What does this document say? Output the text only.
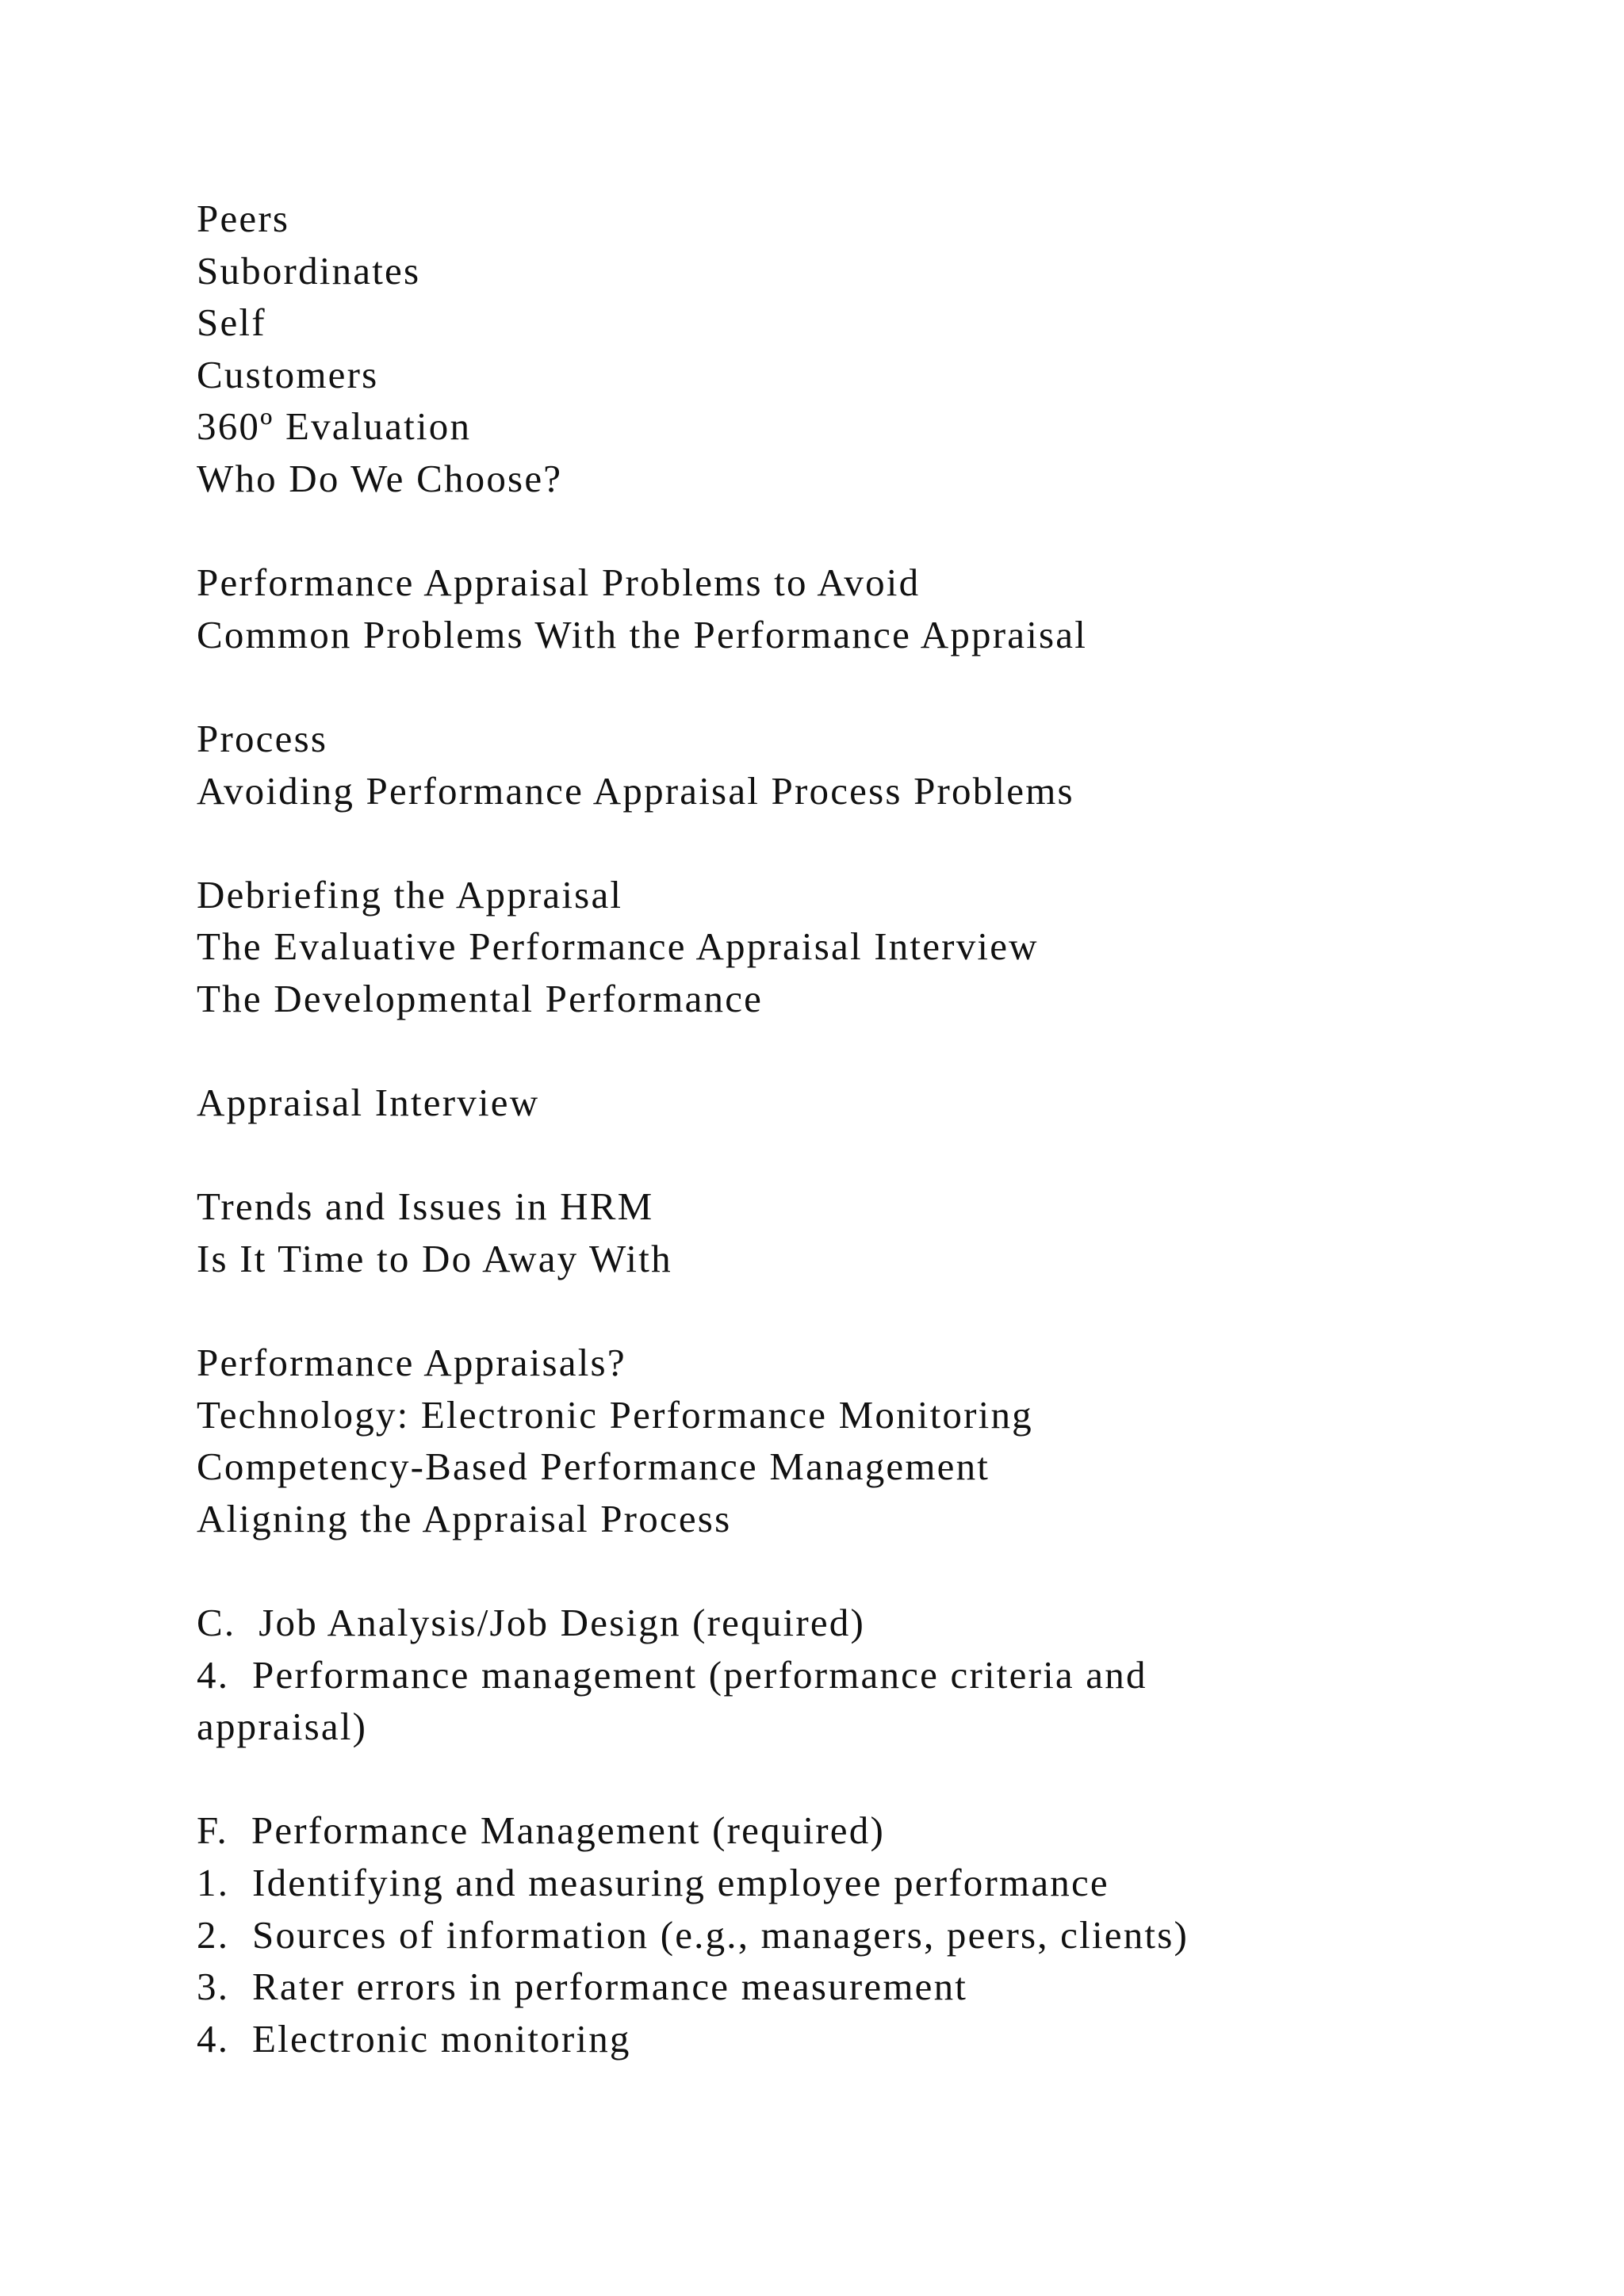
Peers
Subordinates
Self
Customers
360º Evaluation
Who Do We Choose?
Performance Appraisal Problems to Avoid
Common Problems With the Performance Appraisal
Process
Avoiding Performance Appraisal Process Problems
Debriefing the Appraisal
The Evaluative Performance Appraisal Interview
The Developmental Performance
Appraisal Interview
Trends and Issues in HRM
Is It Time to Do Away With
Performance Appraisals?
Technology: Electronic Performance Monitoring
Competency-Based Performance Management
Aligning the Appraisal Process
C.  Job Analysis/Job Design (required)
4.  Performance management (performance criteria and
appraisal)
F.  Performance Management (required)
1.  Identifying and measuring employee performance
2.  Sources of information (e.g., managers, peers, clients)
3.  Rater errors in performance measurement
4.  Electronic monitoring
